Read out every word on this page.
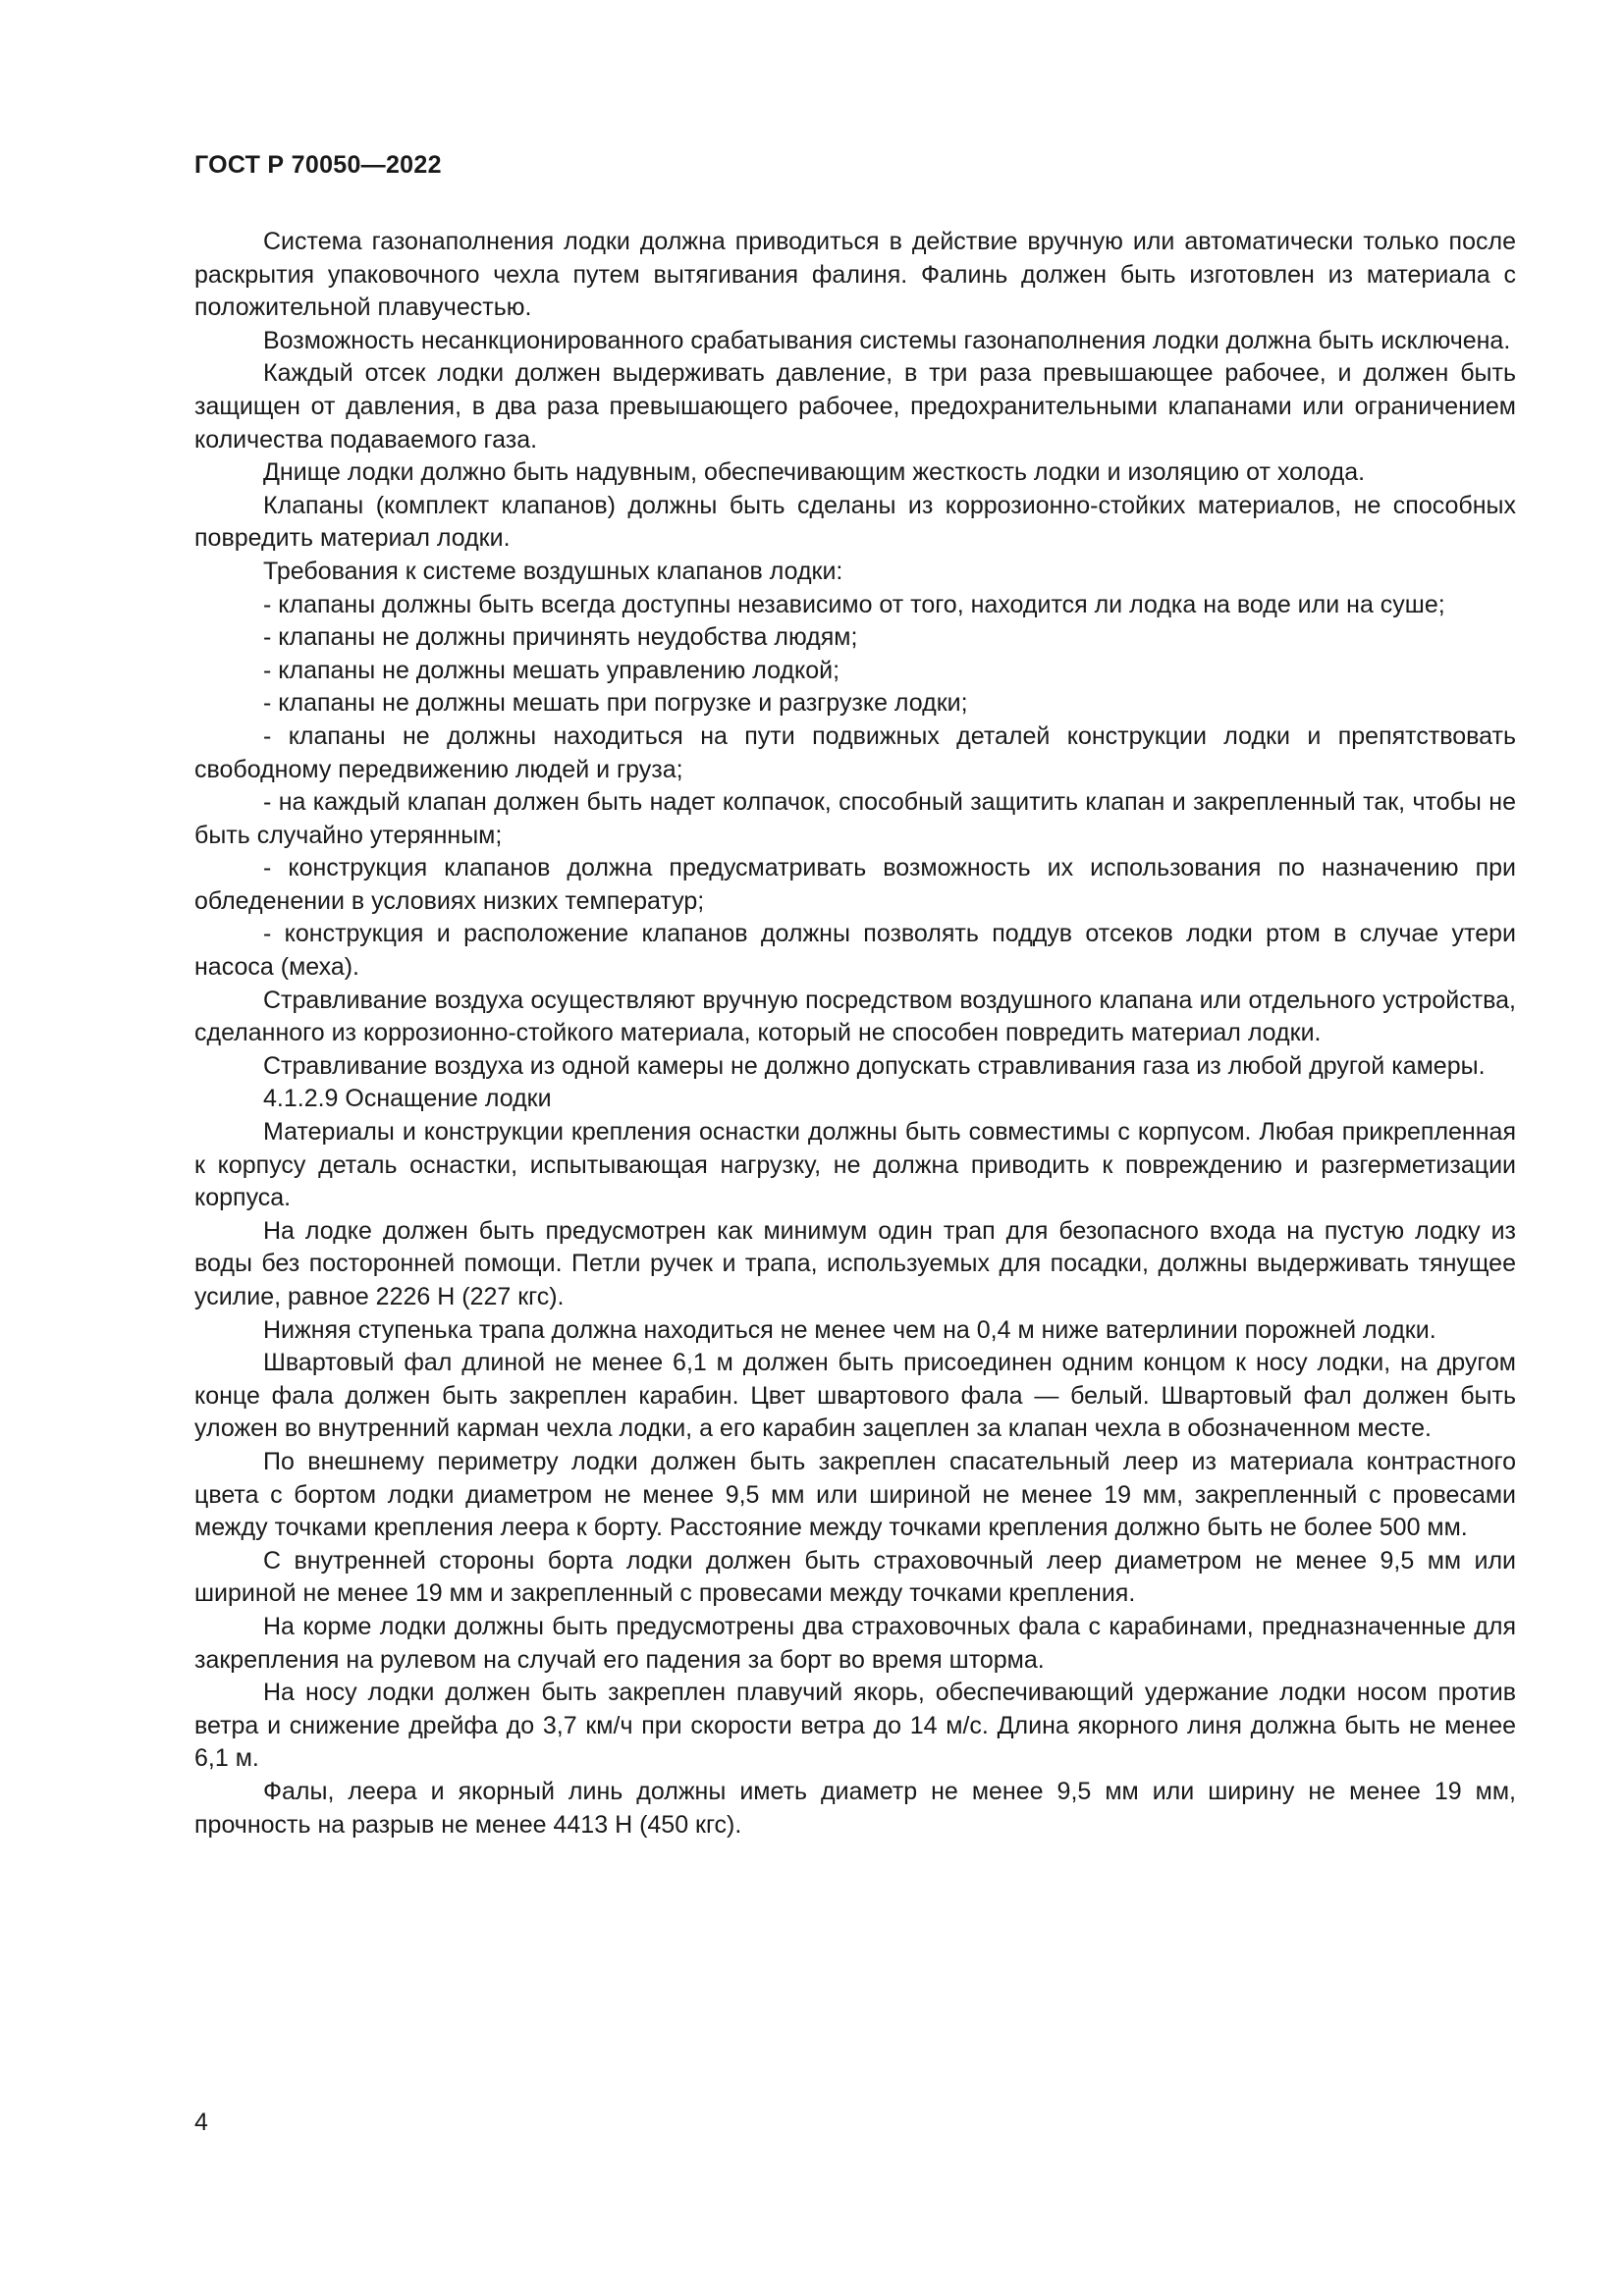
ГОСТ Р 70050—2022

Система газонаполнения лодки должна приводиться в действие вручную или автоматически только после раскрытия упаковочного чехла путем вытягивания фалиня. Фалинь должен быть изготовлен из материала с положительной плавучестью.

Возможность несанкционированного срабатывания системы газонаполнения лодки должна быть исключена.

Каждый отсек лодки должен выдерживать давление, в три раза превышающее рабочее, и должен быть защищен от давления, в два раза превышающего рабочее, предохранительными клапанами или ограничением количества подаваемого газа.

Днище лодки должно быть надувным, обеспечивающим жесткость лодки и изоляцию от холода.

Клапаны (комплект клапанов) должны быть сделаны из коррозионно-стойких материалов, не способных повредить материал лодки.

Требования к системе воздушных клапанов лодки:

- клапаны должны быть всегда доступны независимо от того, находится ли лодка на воде или на суше;

- клапаны не должны причинять неудобства людям;

- клапаны не должны мешать управлению лодкой;

- клапаны не должны мешать при погрузке и разгрузке лодки;

- клапаны не должны находиться на пути подвижных деталей конструкции лодки и препятствовать свободному передвижению людей и груза;

- на каждый клапан должен быть надет колпачок, способный защитить клапан и закрепленный так, чтобы не быть случайно утерянным;

- конструкция клапанов должна предусматривать возможность их использования по назначению при обледенении в условиях низких температур;

- конструкция и расположение клапанов должны позволять поддув отсеков лодки ртом в случае утери насоса (меха).

Стравливание воздуха осуществляют вручную посредством воздушного клапана или отдельного устройства, сделанного из коррозионно-стойкого материала, который не способен повредить материал лодки.

Стравливание воздуха из одной камеры не должно допускать стравливания газа из любой другой камеры.

4.1.2.9 Оснащение лодки

Материалы и конструкции крепления оснастки должны быть совместимы с корпусом. Любая прикрепленная к корпусу деталь оснастки, испытывающая нагрузку, не должна приводить к повреждению и разгерметизации корпуса.

На лодке должен быть предусмотрен как минимум один трап для безопасного входа на пустую лодку из воды без посторонней помощи. Петли ручек и трапа, используемых для посадки, должны выдерживать тянущее усилие, равное 2226 Н (227 кгс).

Нижняя ступенька трапа должна находиться не менее чем на 0,4 м ниже ватерлинии порожней лодки.

Швартовый фал длиной не менее 6,1 м должен быть присоединен одним концом к носу лодки, на другом конце фала должен быть закреплен карабин. Цвет швартового фала — белый. Швартовый фал должен быть уложен во внутренний карман чехла лодки, а его карабин зацеплен за клапан чехла в обозначенном месте.

По внешнему периметру лодки должен быть закреплен спасательный леер из материала контрастного цвета с бортом лодки диаметром не менее 9,5 мм или шириной не менее 19 мм, закрепленный с провесами между точками крепления леера к борту. Расстояние между точками крепления должно быть не более 500 мм.

С внутренней стороны борта лодки должен быть страховочный леер диаметром не менее 9,5 мм или шириной не менее 19 мм и закрепленный с провесами между точками крепления.

На корме лодки должны быть предусмотрены два страховочных фала с карабинами, предназначенные для закрепления на рулевом на случай его падения за борт во время шторма.

На носу лодки должен быть закреплен плавучий якорь, обеспечивающий удержание лодки носом против ветра и снижение дрейфа до 3,7 км/ч при скорости ветра до 14 м/с. Длина якорного линя должна быть не менее 6,1 м.

Фалы, леера и якорный линь должны иметь диаметр не менее 9,5 мм или ширину не менее 19 мм, прочность на разрыв не менее 4413 Н (450 кгс).

4
